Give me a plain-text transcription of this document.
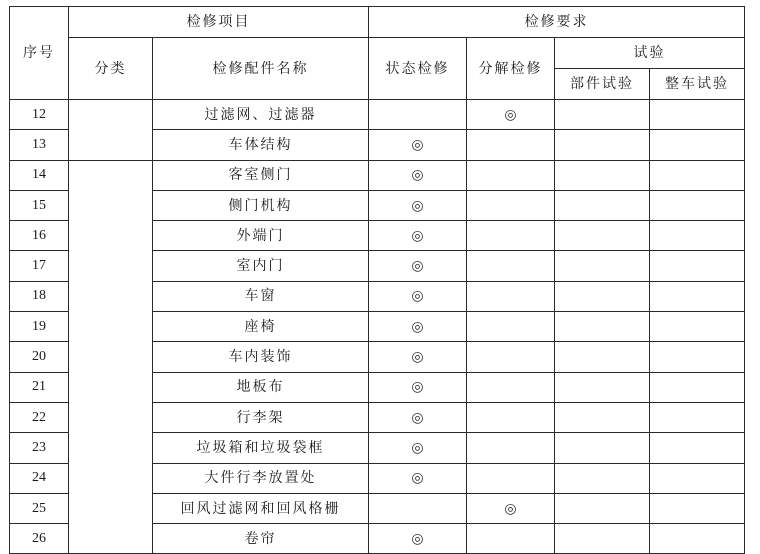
序号	检修项目		检修要求			
	分类	检修配件名称	状态检修	分解检修	试验	
					部件试验	整车试验
12		过滤网、过滤器		◎		
13		车体结构	◎			
14		客室侧门	◎			
15		侧门机构	◎			
16		外端门	◎			
17		室内门	◎			
18		车窗	◎			
19		座椅	◎			
20		车内装饰	◎			
21		地板布	◎			
22		行李架	◎			
23		垃圾箱和垃圾袋框	◎			
24		大件行李放置处	◎			
25		回风过滤网和回风格栅		◎		
26		卷帘	◎			
